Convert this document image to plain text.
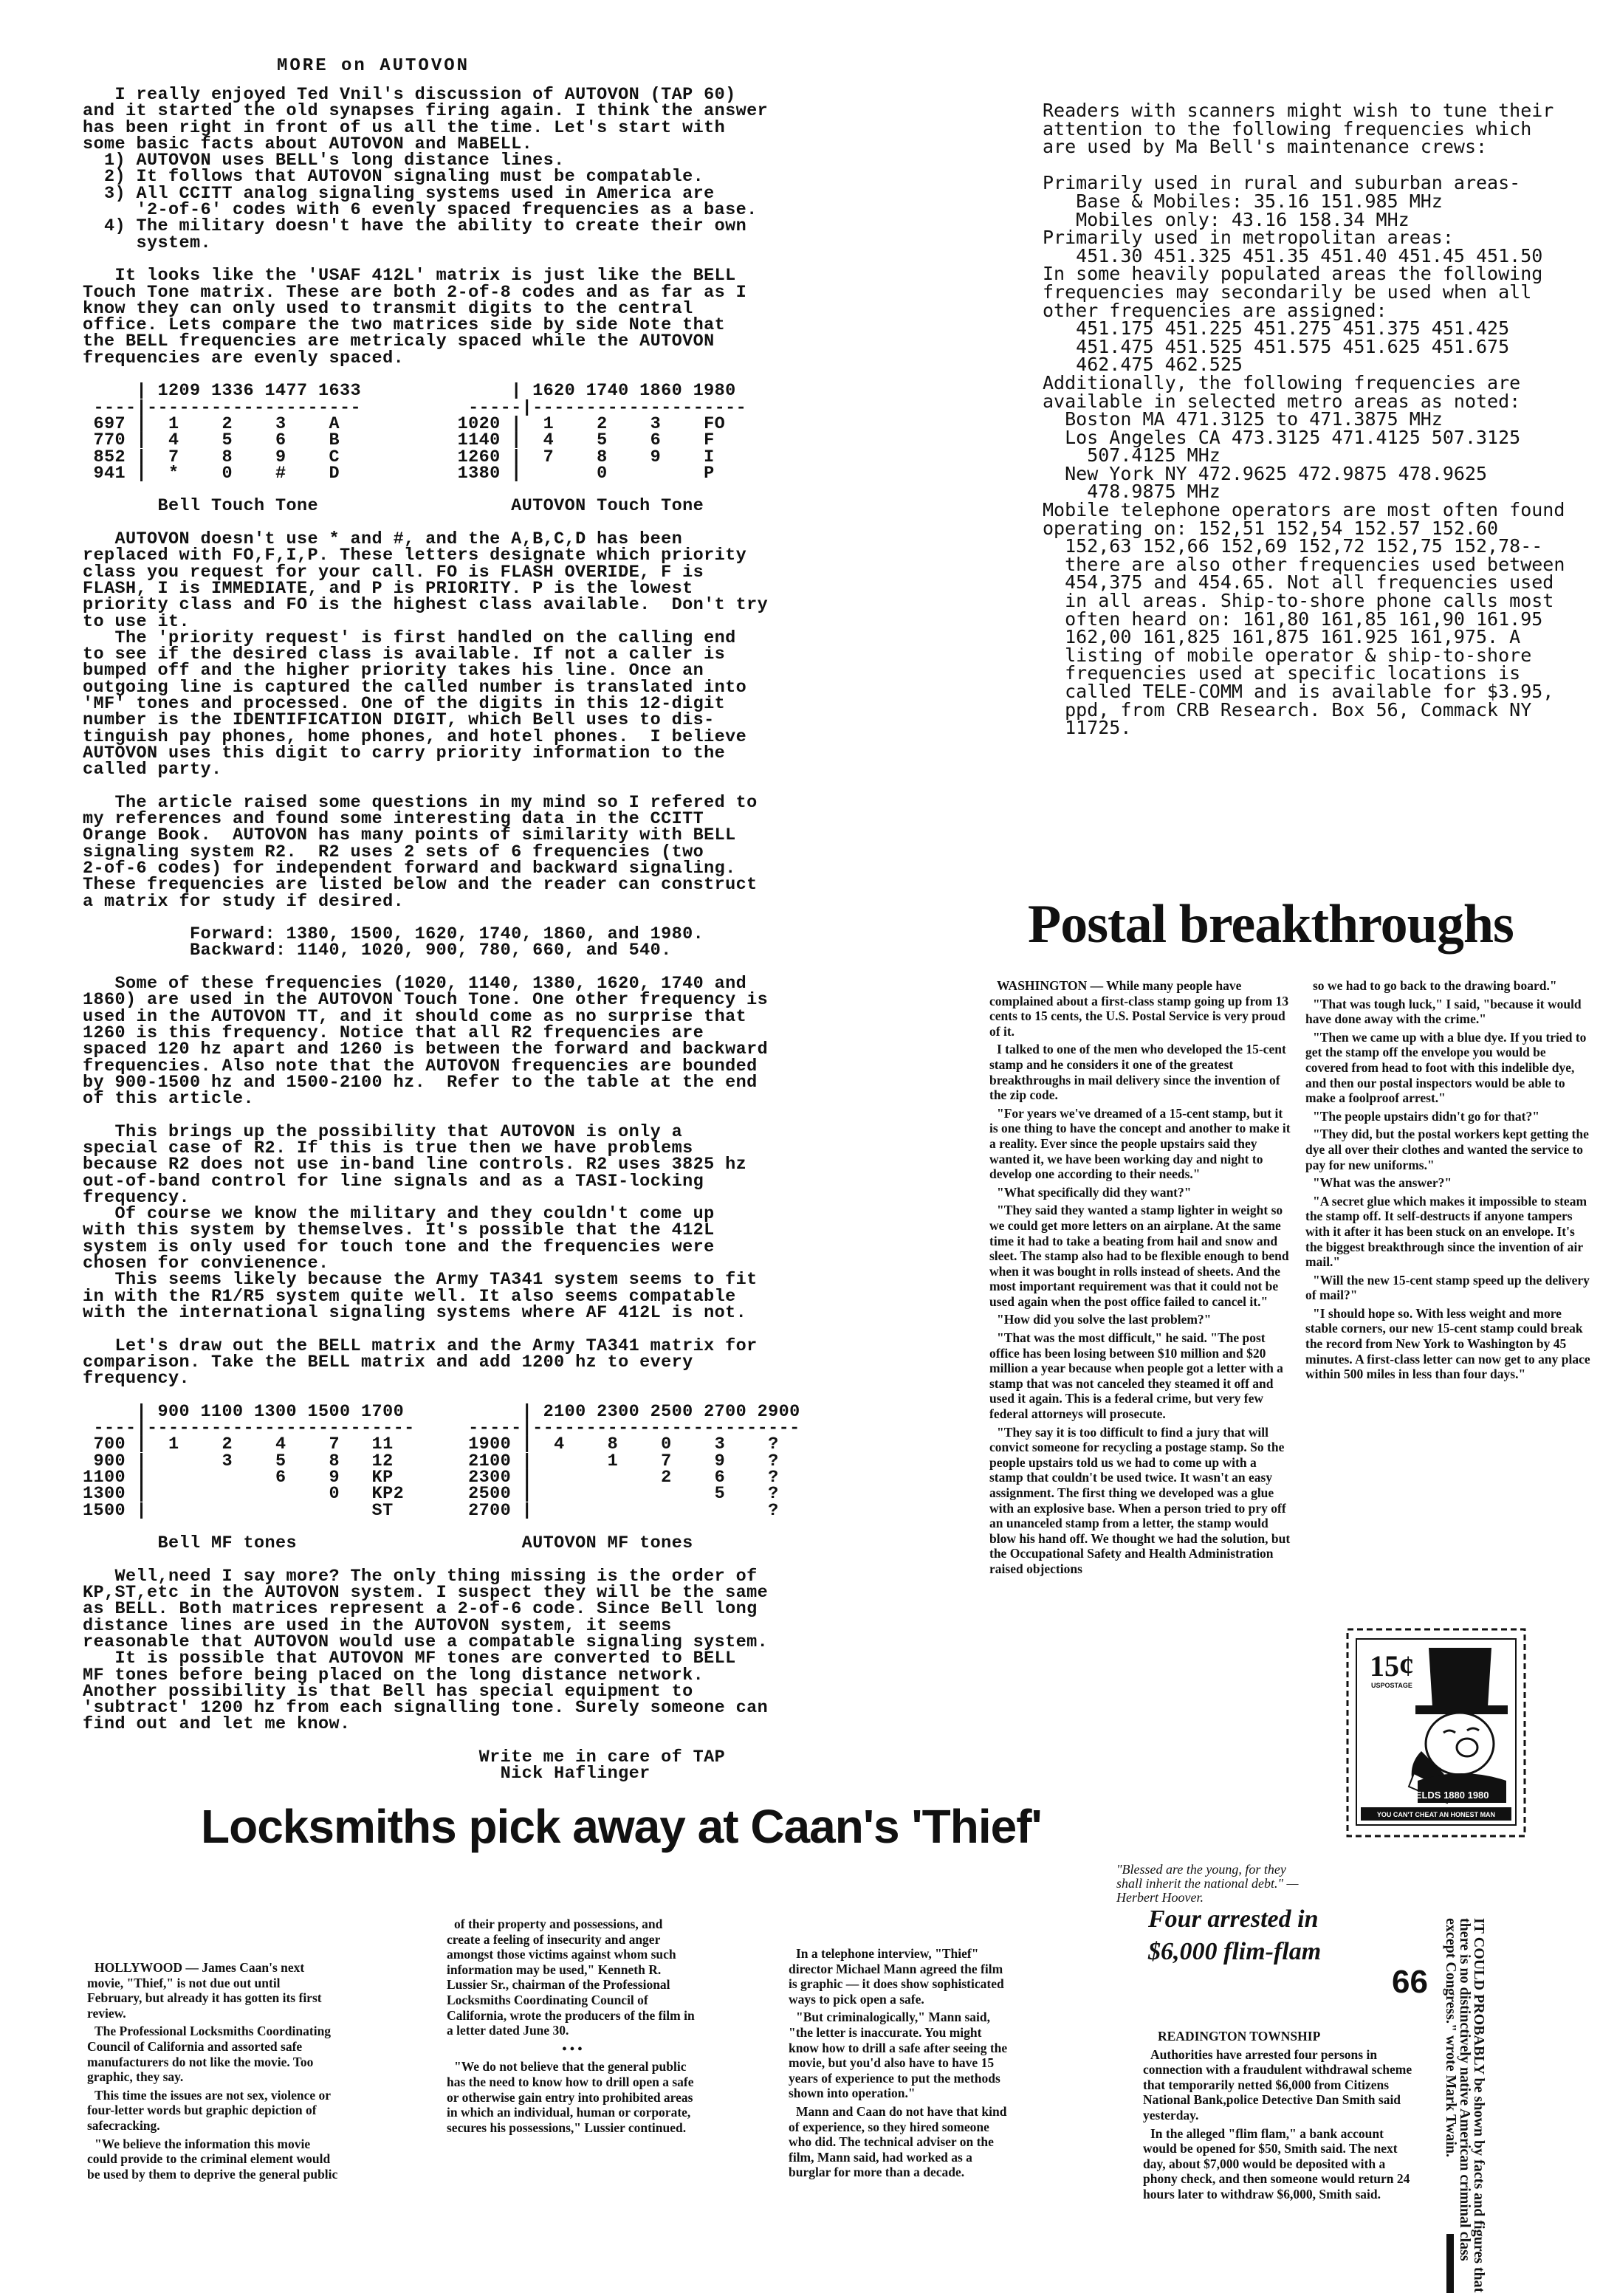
MORE on AUTOVON
I really enjoyed Ted Vnil's discussion of AUTOVON (TAP 60)
and it started the old synapses firing again. I think the answer
has been right in front of us all the time. Let's start with
some basic facts about AUTOVON and MaBELL.
1) AUTOVON uses BELL's long distance lines.
2) It follows that AUTOVON signaling must be compatable.
3) All CCITT analog signaling systems used in America are
'2-of-6' codes with 6 evenly spaced frequencies as a base.
4) The military doesn't have the ability to create their own
system.

It looks like the 'USAF 412L' matrix is just like the BELL
Touch Tone matrix. These are both 2-of-8 codes and as far as I
know they can only used to transmit digits to the central
office. Lets compare the two matrices side by side Note that
the BELL frequencies are metricaly spaced while the AUTOVON
frequencies are evenly spaced.

| 1209 1336 1477 1633              | 1620 1740 1860 1980
----|--------------------          -----|--------------------
697 |  1    2    3    A           1020 |  1    2    3    FO
770 |  4    5    6    B           1140 |  4    5    6    F
852 |  7    8    9    C           1260 |  7    8    9    I
941 |  *    0    #    D           1380 |       0         P

Bell Touch Tone                  AUTOVON Touch Tone

AUTOVON doesn't use * and #, and the A,B,C,D has been
replaced with FO,F,I,P. These letters designate which priority
class you request for your call. FO is FLASH OVERIDE, F is
FLASH, I is IMMEDIATE, and P is PRIORITY. P is the lowest
priority class and FO is the highest class available.  Don't try
to use it.
The 'priority request' is first handled on the calling end
to see if the desired class is available. If not a caller is
bumped off and the higher priority takes his line. Once an
outgoing line is captured the called number is translated into
'MF' tones and processed. One of the digits in this 12-digit
number is the IDENTIFICATION DIGIT, which Bell uses to dis-
tinguish pay phones, home phones, and hotel phones.  I believe
AUTOVON uses this digit to carry priority information to the
called party.

The article raised some questions in my mind so I refered to
my references and found some interesting data in the CCITT
Orange Book.  AUTOVON has many points of similarity with BELL
signaling system R2.  R2 uses 2 sets of 6 frequencies (two
2-of-6 codes) for independent forward and backward signaling.
These frequencies are listed below and the reader can construct
a matrix for study if desired.

Forward: 1380, 1500, 1620, 1740, 1860, and 1980.
Backward: 1140, 1020, 900, 780, 660, and 540.

Some of these frequencies (1020, 1140, 1380, 1620, 1740 and
1860) are used in the AUTOVON Touch Tone. One other frequency is
used in the AUTOVON TT, and it should come as no surprise that
1260 is this frequency. Notice that all R2 frequencies are
spaced 120 hz apart and 1260 is between the forward and backward
frequencies. Also note that the AUTOVON frequencies are bounded
by 900-1500 hz and 1500-2100 hz.  Refer to the table at the end
of this article.

This brings up the possibility that AUTOVON is only a
special case of R2. If this is true then we have problems
because R2 does not use in-band line controls. R2 uses 3825 hz
out-of-band control for line signals and as a TASI-locking
frequency.
Of course we know the military and they couldn't come up
with this system by themselves. It's possible that the 412L
system is only used for touch tone and the frequencies were
chosen for convienence.
This seems likely because the Army TA341 system seems to fit
in with the R1/R5 system quite well. It also seems compatable
with the international signaling systems where AF 412L is not.

Let's draw out the BELL matrix and the Army TA341 matrix for
comparison. Take the BELL matrix and add 1200 hz to every
frequency.

| 900 1100 1300 1500 1700           | 2100 2300 2500 2700 2900
----|-------------------------     -----|-------------------------
700 |  1    2    4    7   11       1900 |  4    8    0    3    ?
900 |       3    5    8   12       2100 |       1    7    9    ?
1100 |            6    9   KP       2300 |            2    6    ?
1300 |                 0   KP2      2500 |                 5    ?
1500 |                     ST       2700 |                      ?

Bell MF tones                     AUTOVON MF tones

Well,need I say more? The only thing missing is the order of
KP,ST,etc in the AUTOVON system. I suspect they will be the same
as BELL. Both matrices represent a 2-of-6 code. Since Bell long
distance lines are used in the AUTOVON system, it seems
reasonable that AUTOVON would use a compatable signaling system.
It is possible that AUTOVON MF tones are converted to BELL
MF tones before being placed on the long distance network.
Another possibility is that Bell has special equipment to
'subtract' 1200 hz from each signalling tone. Surely someone can
find out and let me know.

Write me in care of TAP
Nick Haflinger
Readers with scanners might wish to tune their
attention to the following frequencies which
are used by Ma Bell's maintenance crews:

Primarily used in rural and suburban areas-
Base & Mobiles: 35.16 151.985 MHz
Mobiles only: 43.16 158.34 MHz
Primarily used in metropolitan areas:
451.30 451.325 451.35 451.40 451.45 451.50
In some heavily populated areas the following
frequencies may secondarily be used when all
other frequencies are assigned:
451.175 451.225 451.275 451.375 451.425
451.475 451.525 451.575 451.625 451.675
462.475 462.525
Additionally, the following frequencies are
available in selected metro areas as noted:
Boston MA 471.3125 to 471.3875 MHz
Los Angeles CA 473.3125 471.4125 507.3125
507.4125 MHz
New York NY 472.9625 472.9875 478.9625
478.9875 MHz
Mobile telephone operators are most often found
operating on: 152,51 152,54 152.57 152.60
152,63 152,66 152,69 152,72 152,75 152,78--
there are also other frequencies used between
454,375 and 454.65. Not all frequencies used
in all areas. Ship-to-shore phone calls most
often heard on: 161,80 161,85 161,90 161.95
162,00 161,825 161,875 161.925 161,975. A
listing of mobile operator & ship-to-shore
frequencies used at specific locations is
called TELE-COMM and is available for $3.95,
ppd, from CRB Research. Box 56, Commack NY
11725.
Postal breakthroughs

WASHINGTON — While many people have complained about a first-class stamp going up from 13 cents to 15 cents, the U.S. Postal Service is very proud of it.

I talked to one of the men who developed the 15-cent stamp and he considers it one of the greatest breakthroughs in mail delivery since the invention of the zip code.

"For years we've dreamed of a 15-cent stamp, but it is one thing to have the concept and another to make it a reality. Ever since the people upstairs said they wanted it, we have been working day and night to develop one according to their needs."

"What specifically did they want?"

"They said they wanted a stamp lighter in weight so we could get more letters on an airplane. At the same time it had to take a beating from hail and snow and sleet. The stamp also had to be flexible enough to bend when it was bought in rolls instead of sheets. And the most important requirement was that it could not be used again when the post office failed to cancel it."

"How did you solve the last problem?"

"That was the most difficult," he said. "The post office has been losing between $10 million and $20 million a year because when people got a letter with a stamp that was not canceled they steamed it off and used it again. This is a federal crime, but very few federal attorneys will prosecute.

"They say it is too difficult to find a jury that will convict someone for recycling a postage stamp. So the people upstairs told us we had to come up with a stamp that couldn't be used twice. It wasn't an easy assignment. The first thing we developed was a glue with an explosive base. When a person tried to pry off an unanceled stamp from a letter, the stamp would blow his hand off. We thought we had the solution, but the Occupational Safety and Health Administration raised objections

so we had to go back to the drawing board."

"That was tough luck," I said, "because it would have done away with the crime."

"Then we came up with a blue dye. If you tried to get the stamp off the envelope you would be covered from head to foot with this indelible dye, and then our postal inspectors would be able to make a foolproof arrest."

"The people upstairs didn't go for that?"

"They did, but the postal workers kept getting the dye all over their clothes and wanted the service to pay for new uniforms."

"What was the answer?"

"A secret glue which makes it impossible to steam the stamp off. It self-destructs if anyone tampers with it after it has been stuck on an envelope. It's the biggest breakthrough since the invention of air mail."

"Will the new 15-cent stamp speed up the delivery of mail?"

"I should hope so. With less weight and more stable corners, our new 15-cent stamp could break the record from New York to Washington by 45 minutes. A first-class letter can now get to any place within 500 miles in less than four days."

15¢
USPOSTAGE
W.C. FIELDS 1880 1980
YOU CAN'T CHEAT AN HONEST MAN
Locksmiths pick away at Caan's 'Thief'
"Blessed are the young, for they shall inherit the national debt." — Herbert Hoover.

HOLLYWOOD — James Caan's next movie, "Thief," is not due out until February, but already it has gotten its first review.

The Professional Locksmiths Coordinating Council of California and assorted safe manufacturers do not like the movie. Too graphic, they say.

This time the issues are not sex, violence or four-letter words but graphic depiction of safecracking.

"We believe the information this movie could provide to the criminal element would be used by them to deprive the general public

of their property and possessions, and create a feeling of insecurity and anger amongst those victims against whom such information may be used," Kenneth R. Lussier Sr., chairman of the Professional Locksmiths Coordinating Council of California, wrote the producers of the film in a letter dated June 30.

• • •

"We do not believe that the general public has the need to know how to drill open a safe or otherwise gain entry into prohibited areas in which an individual, human or corporate, secures his possessions," Lussier continued.

In a telephone interview, "Thief" director Michael Mann agreed the film is graphic — it does show sophisticated ways to pick open a safe.

"But criminalogically," Mann said, "the letter is inaccurate. You might know how to drill a safe after seeing the movie, but you'd also have to have 15 years of experience to put the methods shown into operation."

Mann and Caan do not have that kind of experience, so they hired someone who did. The technical adviser on the film, Mann said, had worked as a burglar for more than a decade.

Four arrested in $6,000 flim-flam
66

READINGTON TOWNSHIP

Authorities have arrested four persons in connection with a fraudulent withdrawal scheme that temporarily netted $6,000 from Citizens National Bank,police Detective Dan Smith said yesterday.

In the alleged "flim flam," a bank account would be opened for $50, Smith said. The next day, about $7,000 would be deposited with a phony check, and then someone would return 24 hours later to withdraw $6,000, Smith said.	IT COULD PROBABLY be shown by facts and figures that there is no distinctively native American criminal class except Congress." wrote Mark Twain.
